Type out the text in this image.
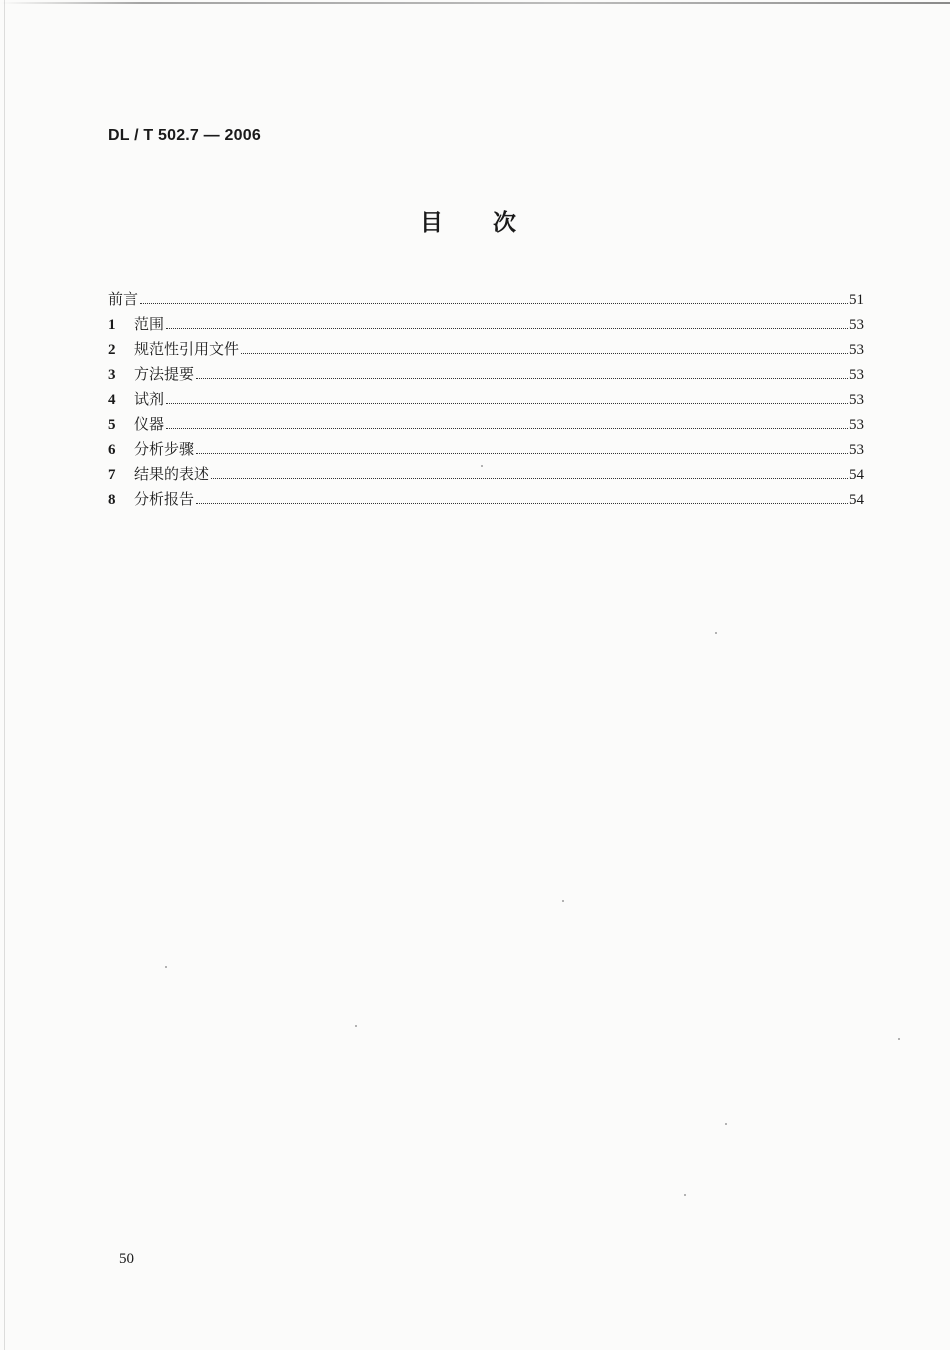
DL / T 502.7 — 2006
目次
前言	51
1	范围	53
2	规范性引用文件	53
3	方法提要	53
4	试剂	53
5	仪器	53
6	分析步骤	53
7	结果的表述	54
8	分析报告	54
50
